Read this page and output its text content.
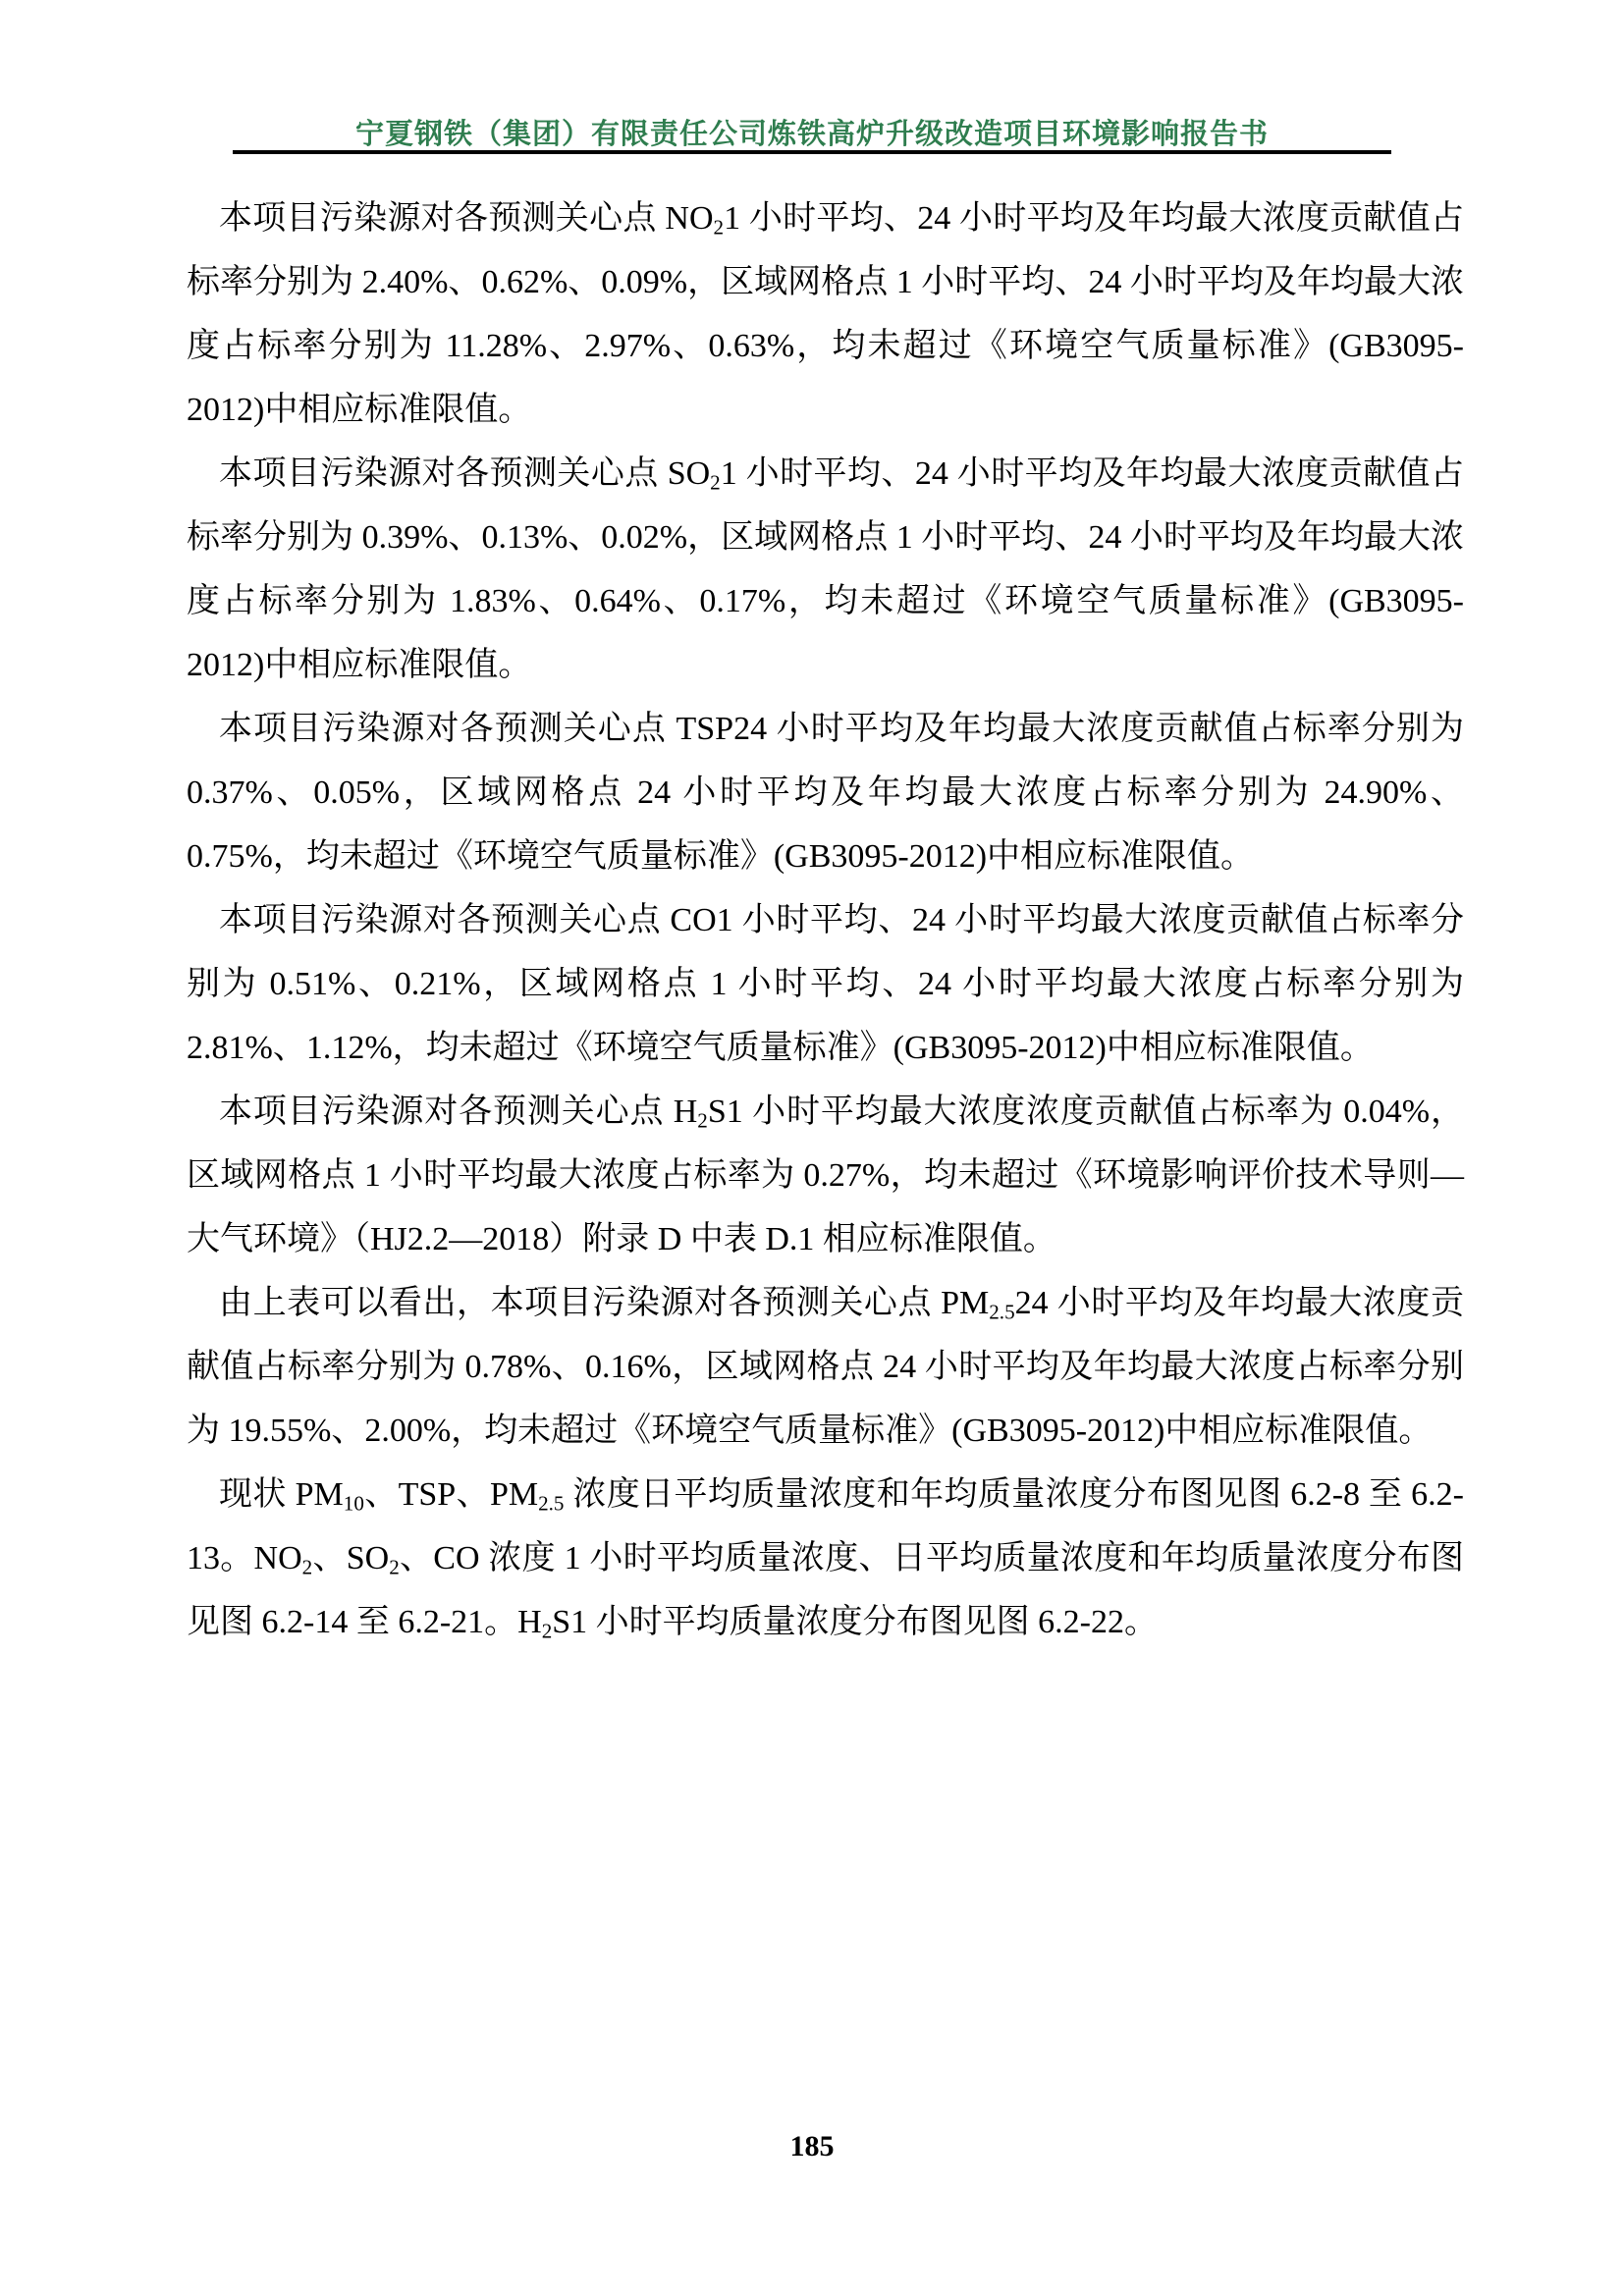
宁夏钢铁（集团）有限责任公司炼铁高炉升级改造项目环境影响报告书

本项目污染源对各预测关心点 $NO_21$ 小时平均、24 小时平均及年均最大浓度贡献值占标率分别为 2.40%、0.62%、0.09%，区域网格点 1 小时平均、24 小时平均及年均最大浓度占标率分别为 11.28%、2.97%、0.63%，均未超过《环境空气质量标准》(GB3095-2012)中相应标准限值。

本项目污染源对各预测关心点 $SO_21$ 小时平均、24 小时平均及年均最大浓度贡献值占标率分别为 0.39%、0.13%、0.02%，区域网格点 1 小时平均、24 小时平均及年均最大浓度占标率分别为 1.83%、0.64%、0.17%，均未超过《环境空气质量标准》(GB3095-2012)中相应标准限值。

本项目污染源对各预测关心点 TSP24 小时平均及年均最大浓度贡献值占标率分别为 0.37%、0.05%，区域网格点 24 小时平均及年均最大浓度占标率分别为 24.90%、0.75%，均未超过《环境空气质量标准》(GB3095-2012)中相应标准限值。

本项目污染源对各预测关心点 CO1 小时平均、24 小时平均最大浓度贡献值占标率分别为 0.51%、0.21%，区域网格点 1 小时平均、24 小时平均最大浓度占标率分别为 2.81%、1.12%，均未超过《环境空气质量标准》(GB3095-2012)中相应标准限值。

本项目污染源对各预测关心点 $H_2S1$ 小时平均最大浓度浓度贡献值占标率为 0.04%，区域网格点 1 小时平均最大浓度占标率为 0.27%，均未超过《环境影响评价技术导则—大气环境》（HJ2.2—2018）附录 D 中表 D.1 相应标准限值。

由上表可以看出，本项目污染源对各预测关心点 $PM_{2.5}24$ 小时平均及年均最大浓度贡献值占标率分别为 0.78%、0.16%，区域网格点 24 小时平均及年均最大浓度占标率分别为 19.55%、2.00%，均未超过《环境空气质量标准》(GB3095-2012)中相应标准限值。

现状 $PM_{10}$、TSP、$PM_{2.5}$ 浓度日平均质量浓度和年均质量浓度分布图见图 6.2-8 至 6.2-13。$NO_2$、$SO_2$、CO 浓度 1 小时平均质量浓度、日平均质量浓度和年均质量浓度分布图见图 6.2-14 至 6.2-21。$H_2S1$ 小时平均质量浓度分布图见图 6.2-22。

185
